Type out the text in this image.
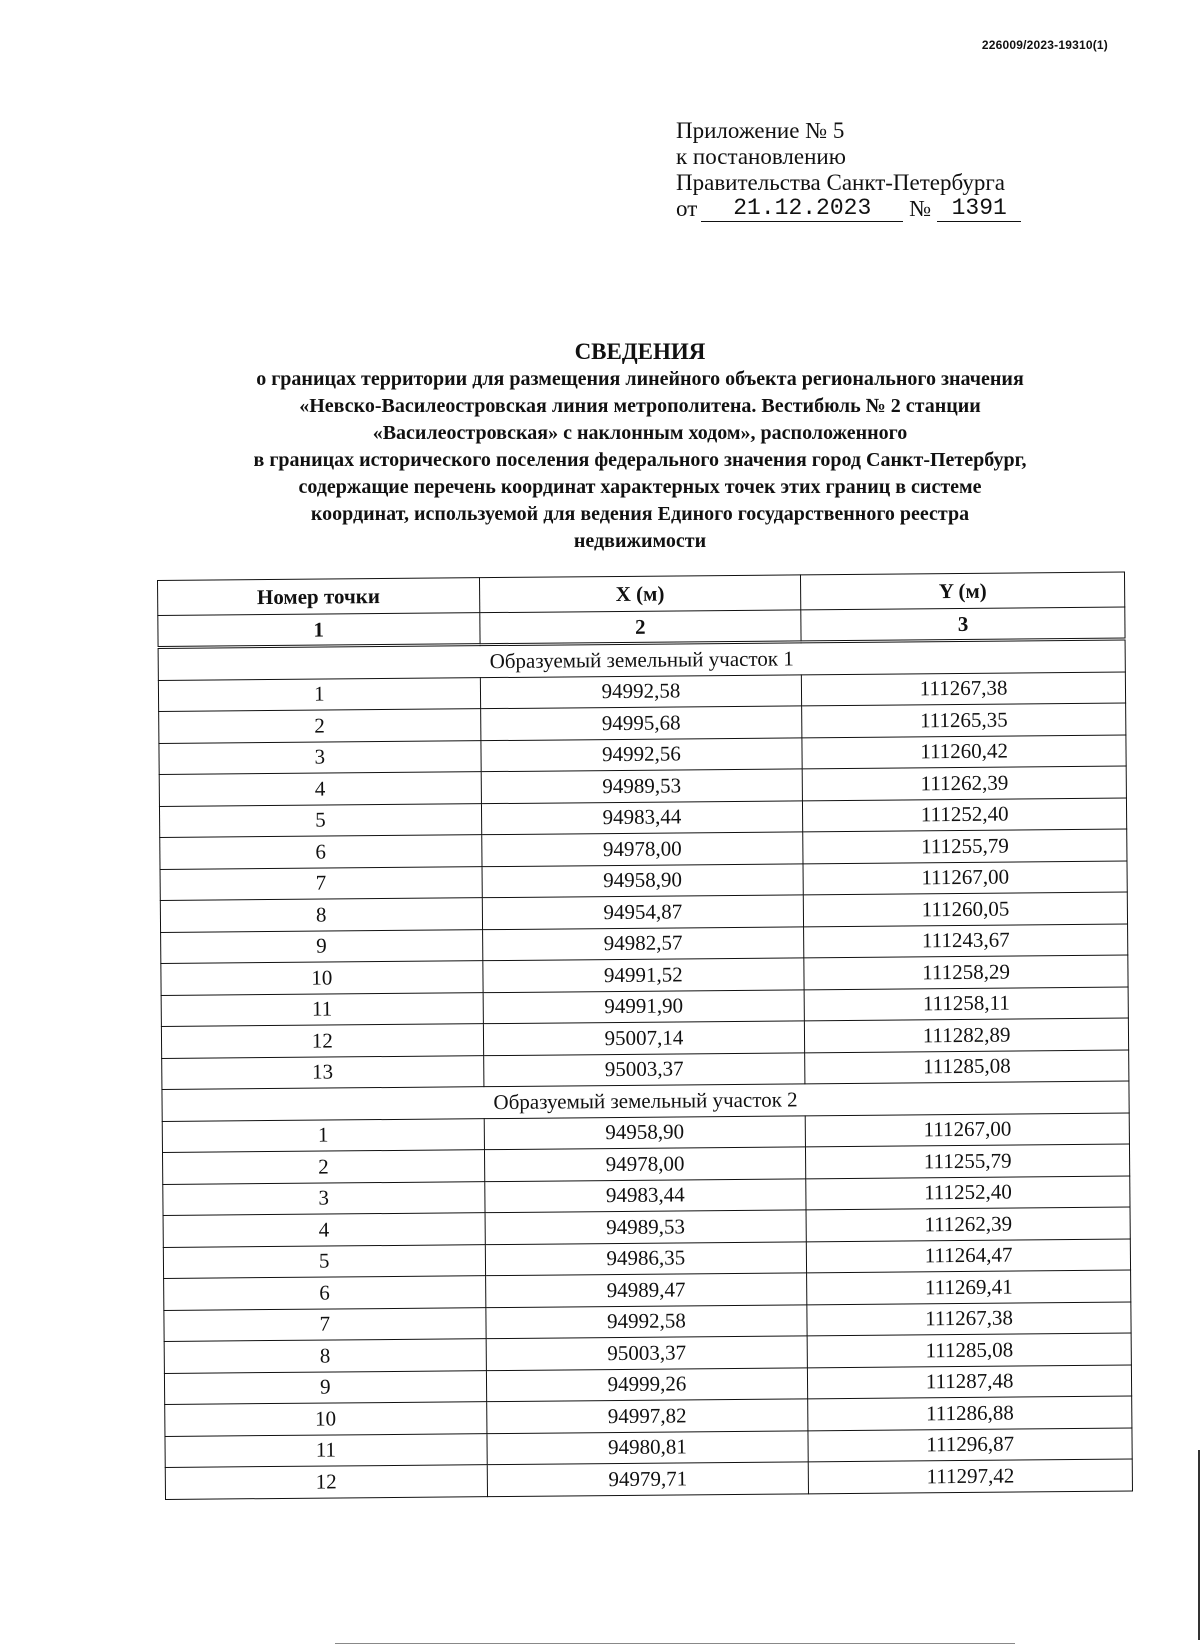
226009/2023-19310(1)
Приложение № 5
к постановлению
Правительства Санкт-Петербурга
от	21.12.2023	№ 1391
СВЕДЕНИЯ
о границах территории для размещения линейного объекта регионального значения
«Невско-Василеостровская линия метрополитена. Вестибюль № 2 станции
«Василеостровская» с наклонным ходом», расположенного
в границах исторического поселения федерального значения город Санкт-Петербург,
содержащие перечень координат характерных точек этих границ в системе
координат, используемой для ведения Единого государственного реестра
недвижимости
Номер точки	X (м)	Y (м)
1	2	3
Образуемый земельный участок 1		
1	94992,58	111267,38
2	94995,68	111265,35
3	94992,56	111260,42
4	94989,53	111262,39
5	94983,44	111252,40
6	94978,00	111255,79
7	94958,90	111267,00
8	94954,87	111260,05
9	94982,57	111243,67
10	94991,52	111258,29
11	94991,90	111258,11
12	95007,14	111282,89
13	95003,37	111285,08
Образуемый земельный участок 2		
1	94958,90	111267,00
2	94978,00	111255,79
3	94983,44	111252,40
4	94989,53	111262,39
5	94986,35	111264,47
6	94989,47	111269,41
7	94992,58	111267,38
8	95003,37	111285,08
9	94999,26	111287,48
10	94997,82	111286,88
11	94980,81	111296,87
12	94979,71	111297,42
